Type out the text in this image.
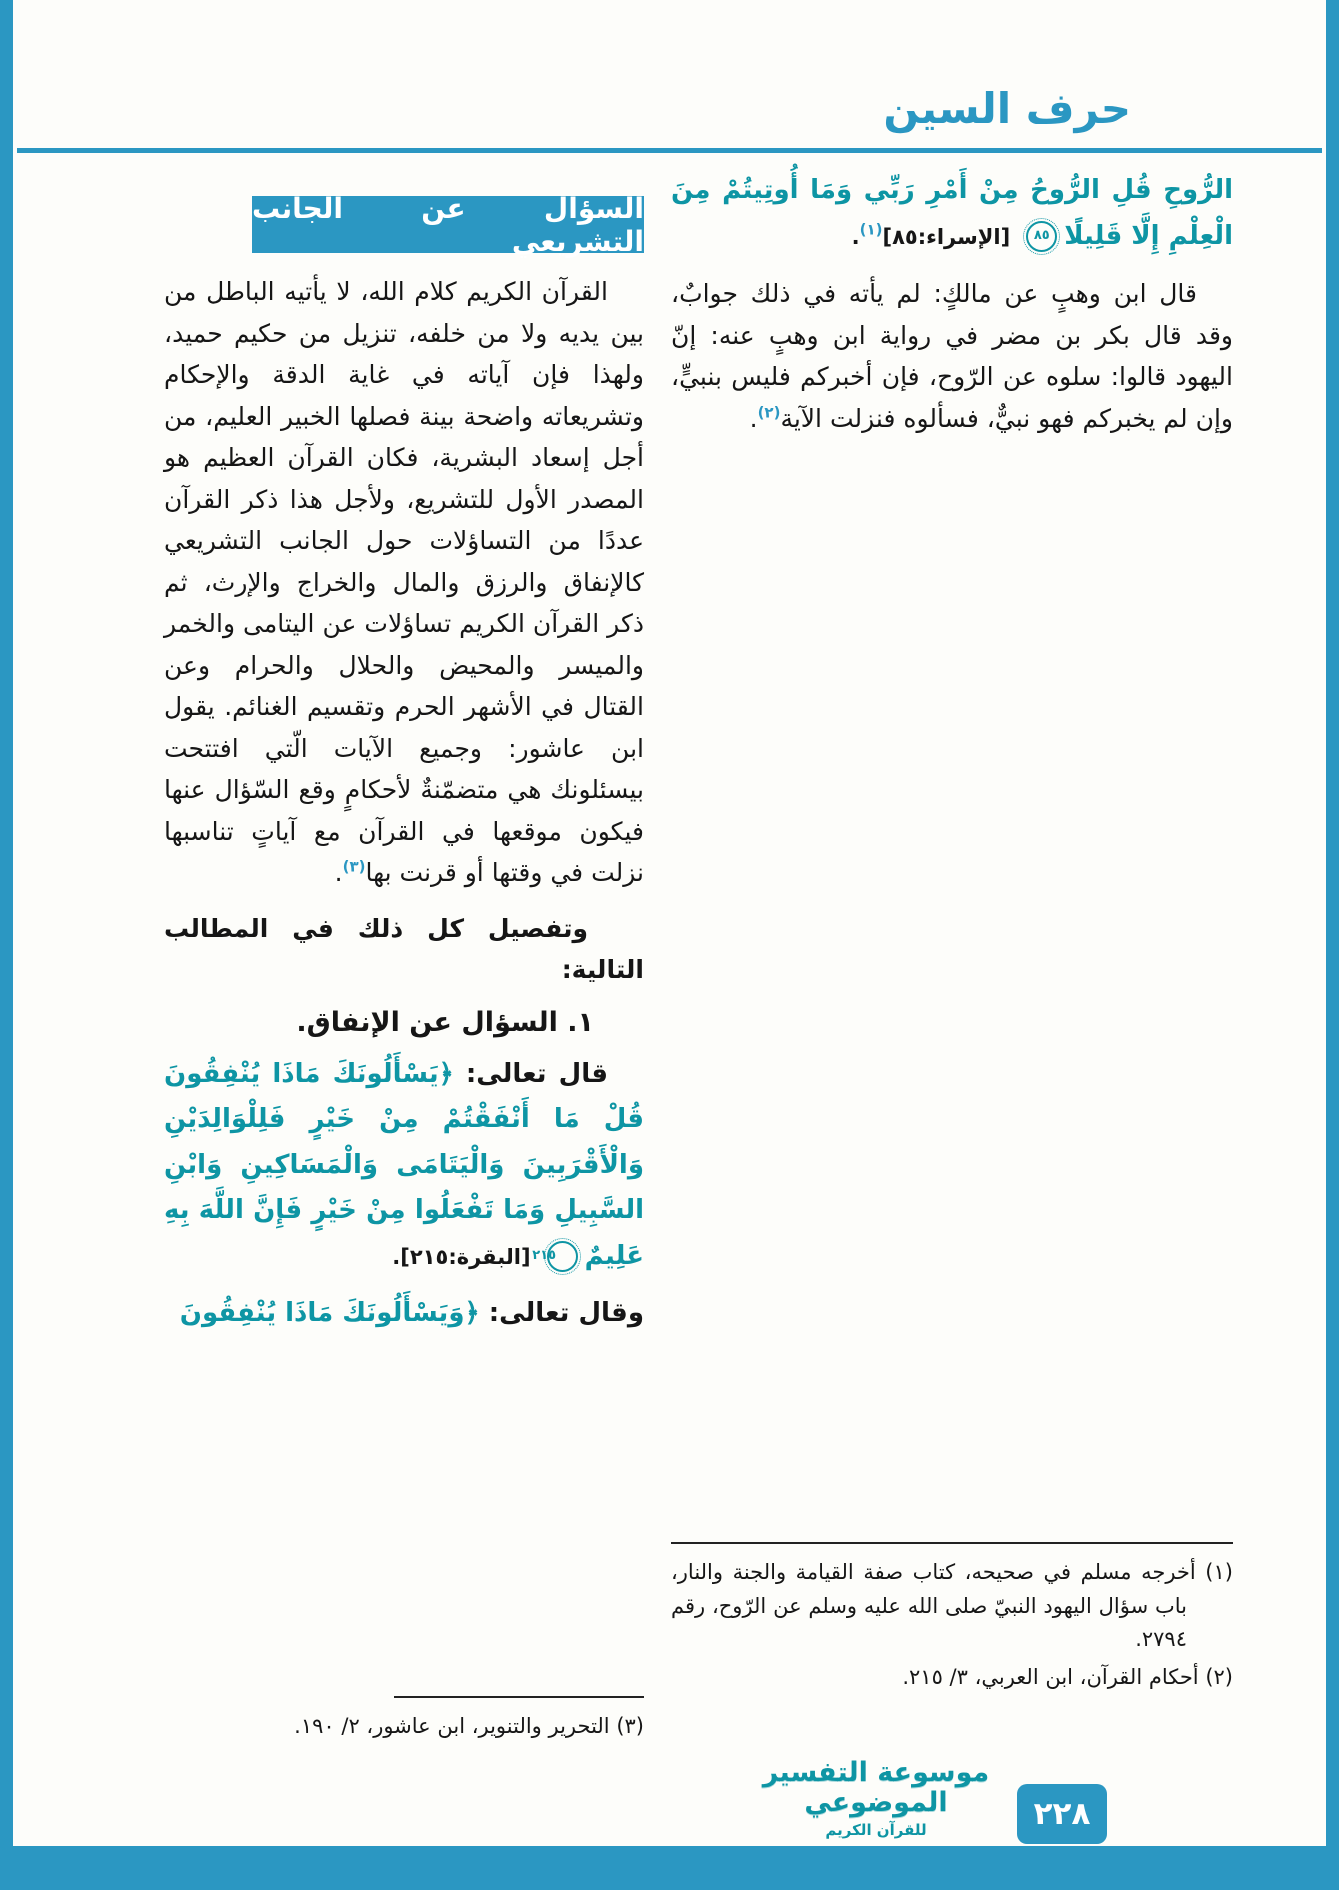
حرف السين

الرُّوحِ قُلِ الرُّوحُ مِنْ أَمْرِ رَبِّي وَمَا أُوتِيتُمْ مِنَ الْعِلْمِ إِلَّا قَلِيلًا
٨٥
[الإسراء:٨٥]$^{(١)}$.

قال ابن وهبٍ عن مالكٍ: لم يأته في ذلك جوابٌ، وقد قال بكر بن مضر في رواية ابن وهبٍ عنه: إنّ اليهود قالوا: سلوه عن الرّوح، فإن أخبركم فليس بنبيٍّ، وإن لم يخبركم فهو نبيٌّ، فسألوه فنزلت الآية$^{(٢)}$.

السؤال عن الجانب التشريعي

القرآن الكريم كلام الله، لا يأتيه الباطل من بين يديه ولا من خلفه، تنزيل من حكيم حميد، ولهذا فإن آياته في غاية الدقة والإحكام وتشريعاته واضحة بينة فصلها الخبير العليم، من أجل إسعاد البشرية، فكان القرآن العظيم هو المصدر الأول للتشريع، ولأجل هذا ذكر القرآن عددًا من التساؤلات حول الجانب التشريعي كالإنفاق والرزق والمال والخراج والإرث، ثم ذكر القرآن الكريم تساؤلات عن اليتامى والخمر والميسر والمحيض والحلال والحرام وعن القتال في الأشهر الحرم وتقسيم الغنائم. يقول ابن عاشور: وجميع الآيات الّتي افتتحت بيسئلونك هي متضمّنةٌ لأحكامٍ وقع السّؤال عنها فيكون موقعها في القرآن مع آياتٍ تناسبها نزلت في وقتها أو قرنت بها$^{(٣)}$.

وتفصيل كل ذلك في المطالب التالية:

١. السؤال عن الإنفاق.

قال تعالى: ﴿يَسْأَلُونَكَ مَاذَا يُنْفِقُونَ قُلْ مَا أَنْفَقْتُمْ مِنْ خَيْرٍ فَلِلْوَالِدَيْنِ وَالْأَقْرَبِينَ وَالْيَتَامَى وَالْمَسَاكِينِ وَابْنِ السَّبِيلِ وَمَا تَفْعَلُوا مِنْ خَيْرٍ فَإِنَّ اللَّهَ بِهِ عَلِيمٌ
٢١٥
[البقرة:٢١٥].

وقال تعالى: ﴿وَيَسْأَلُونَكَ مَاذَا يُنْفِقُونَ

(١) أخرجه مسلم في صحيحه، كتاب صفة القيامة والجنة والنار، باب سؤال اليهود النبيّ صلى الله عليه وسلم عن الرّوح، رقم ٢٧٩٤.

(٢) أحكام القرآن، ابن العربي، ٣/ ٢١٥.

(٣) التحرير والتنوير، ابن عاشور، ٢/ ١٩٠.

موسوعة التفسير الموضوعي
للقرآن الكريم	٢٢٨
